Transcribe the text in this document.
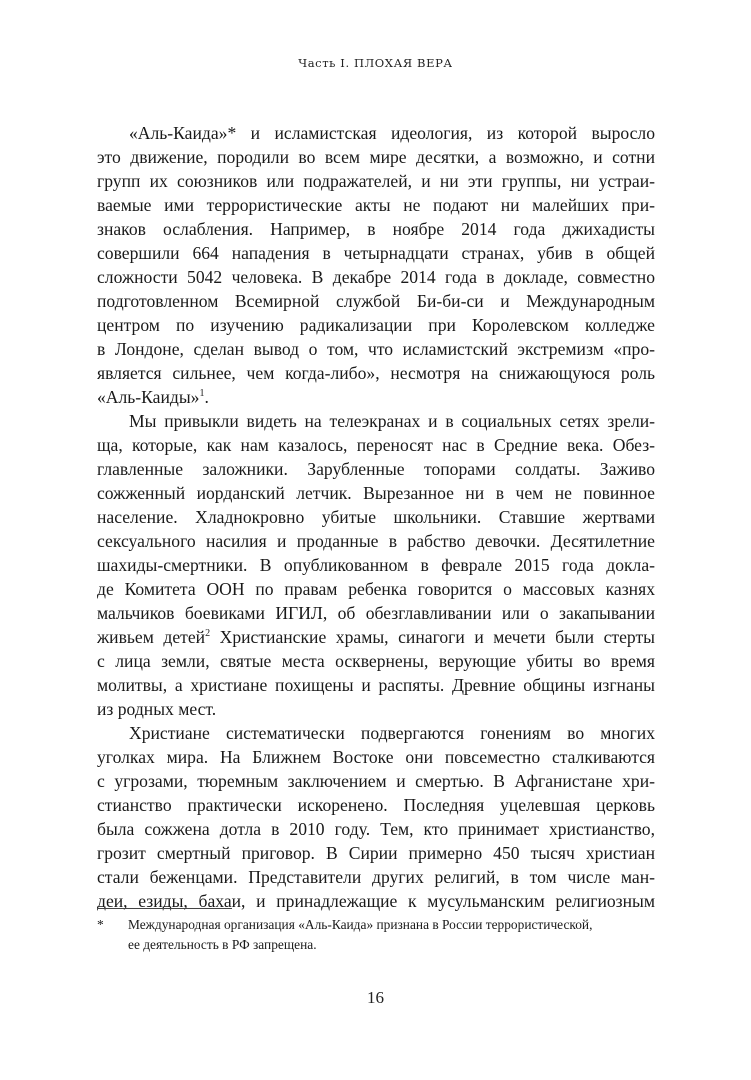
Часть I. ПЛОХАЯ ВЕРА
«Аль-Каида»* и исламистская идеология, из которой выросло
это движение, породили во всем мире десятки, а возможно, и сотни
групп их союзников или подражателей, и ни эти группы, ни устраи-
ваемые ими террористические акты не подают ни малейших при-
знаков ослабления. Например, в ноябре 2014 года джихадисты
совершили 664 нападения в четырнадцати странах, убив в общей
сложности 5042 человека. В декабре 2014 года в докладе, совместно
подготовленном Всемирной службой Би-би-си и Международным
центром по изучению радикализации при Королевском колледже
в Лондоне, сделан вывод о том, что исламистский экстремизм «про-
является сильнее, чем когда-либо», несмотря на снижающуюся роль
«Аль-Каиды»$^1$.
Мы привыкли видеть на телеэкранах и в социальных сетях зрели-
ща, которые, как нам казалось, переносят нас в Средние века. Обез-
главленные заложники. Зарубленные топорами солдаты. Заживо
сожженный иорданский летчик. Вырезанное ни в чем не повинное
население. Хладнокровно убитые школьники. Ставшие жертвами
сексуального насилия и проданные в рабство девочки. Десятилетние
шахиды-смертники. В опубликованном в феврале 2015 года доклa-
де Комитета ООН по правам ребенка говорится о массовых казнях
мальчиков боевиками ИГИЛ, об обезглавливании или о закапывании
живьем детей$^2$ Христианские храмы, синагоги и мечети были стерты
с лица земли, святые места осквернены, верующие убиты во время
молитвы, а христиане похищены и распяты. Древние общины изгнаны
из родных мест.
Христиане систематически подвергаются гонениям во многих
уголках мира. На Ближнем Востоке они повсеместно сталкиваются
с угрозами, тюремным заключением и смертью. В Афганистане хри-
стианство практически искоренено. Последняя уцелевшая церковь
была сожжена дотла в 2010 году. Тем, кто принимает христианство,
грозит смертный приговор. В Сирии примерно 450 тысяч христиан
стали беженцами. Представители других религий, в том числе ман-
деи, езиды, бахаи, и принадлежащие к мусульманским религиозным
*	Международная организация «Аль-Каида» признана в России террористической,
ее деятельность в РФ запрещена.
16
